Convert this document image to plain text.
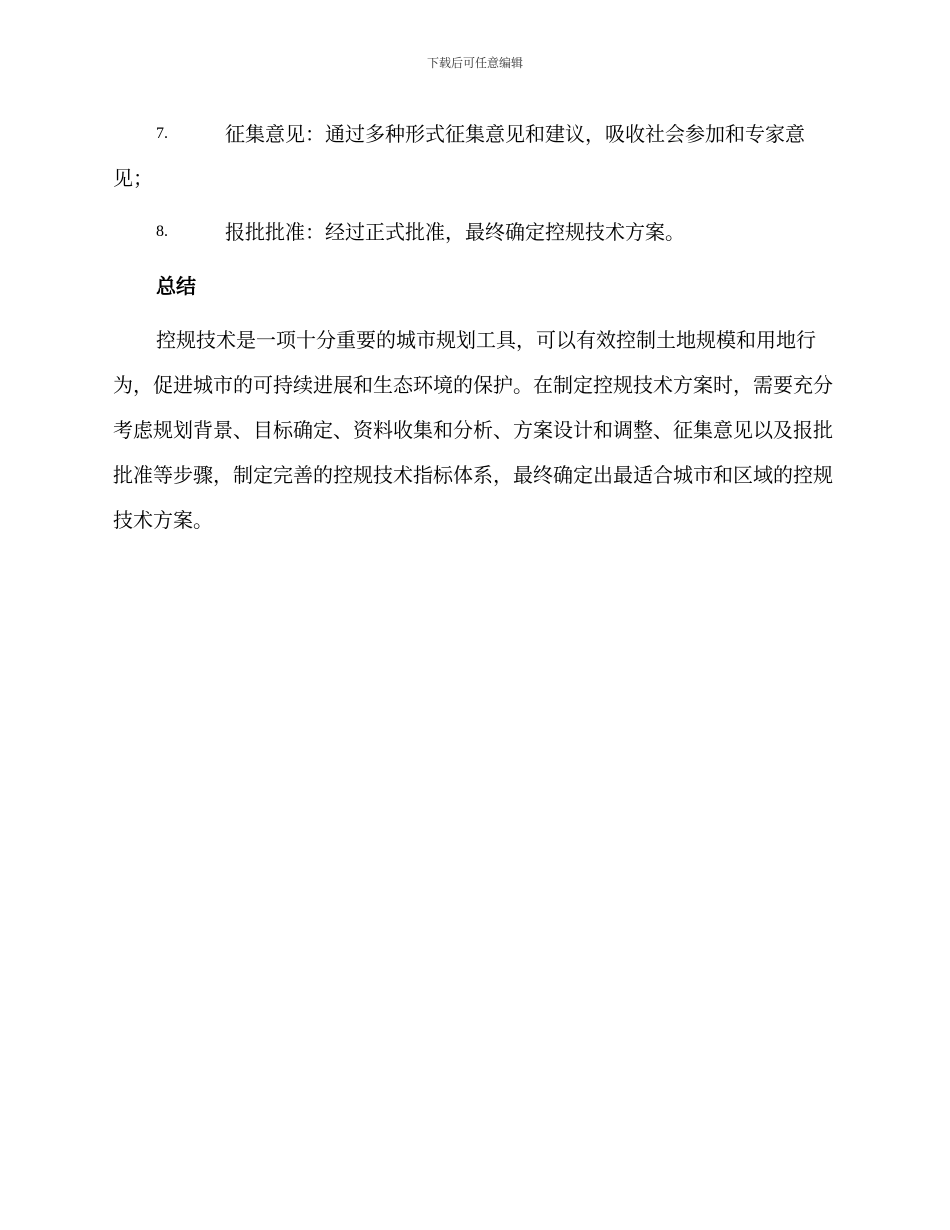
下载后可任意编辑
7.	征集意见：通过多种形式征集意见和建议，吸收社会参加和专家意见；
8.	报批批准：经过正式批准，最终确定控规技术方案。
总结

控规技术是一项十分重要的城市规划工具，可以有效控制土地规模和用地行为，促进城市的可持续进展和生态环境的保护。在制定控规技术方案时，需要充分考虑规划背景、目标确定、资料收集和分析、方案设计和调整、征集意见以及报批批准等步骤，制定完善的控规技术指标体系，最终确定出最适合城市和区域的控规技术方案。
